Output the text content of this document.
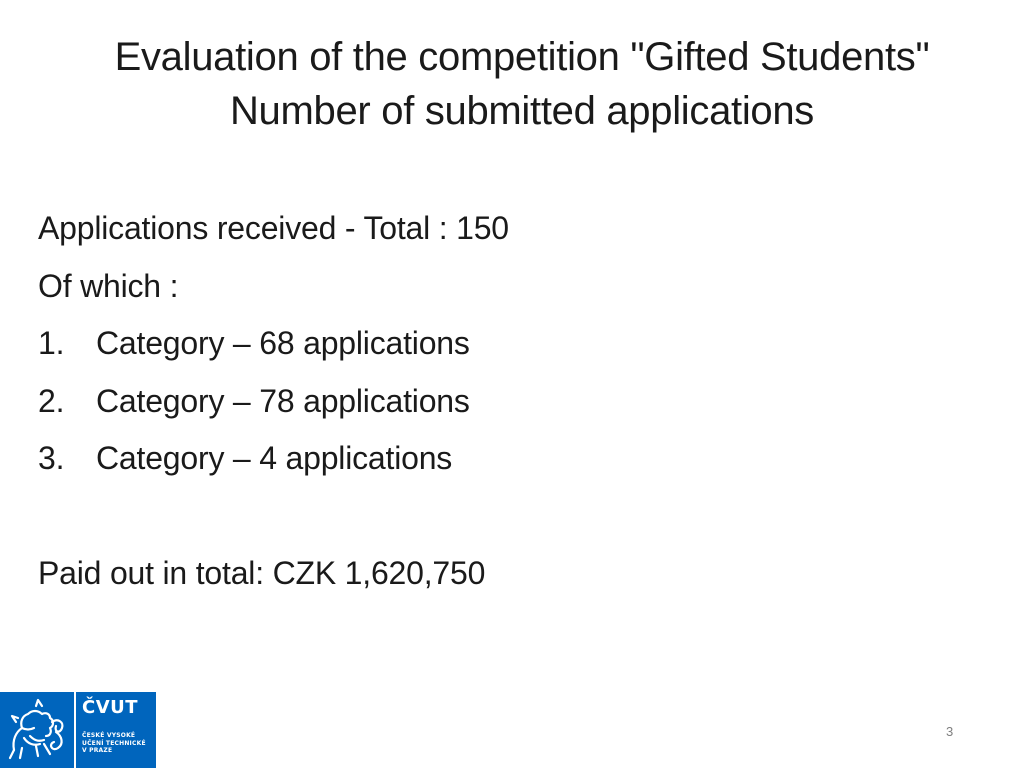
Evaluation of the competition "Gifted Students"
Number of submitted applications
Applications received - Total : 150
Of which :
1. Category – 68 applications
2. Category – 78 applications
3. Category – 4 applications
Paid out in total: CZK 1,620,750
ČVUT
ČESKÉ VYSOKÉ
UČENÍ TECHNICKÉ
V PRAZE
3
